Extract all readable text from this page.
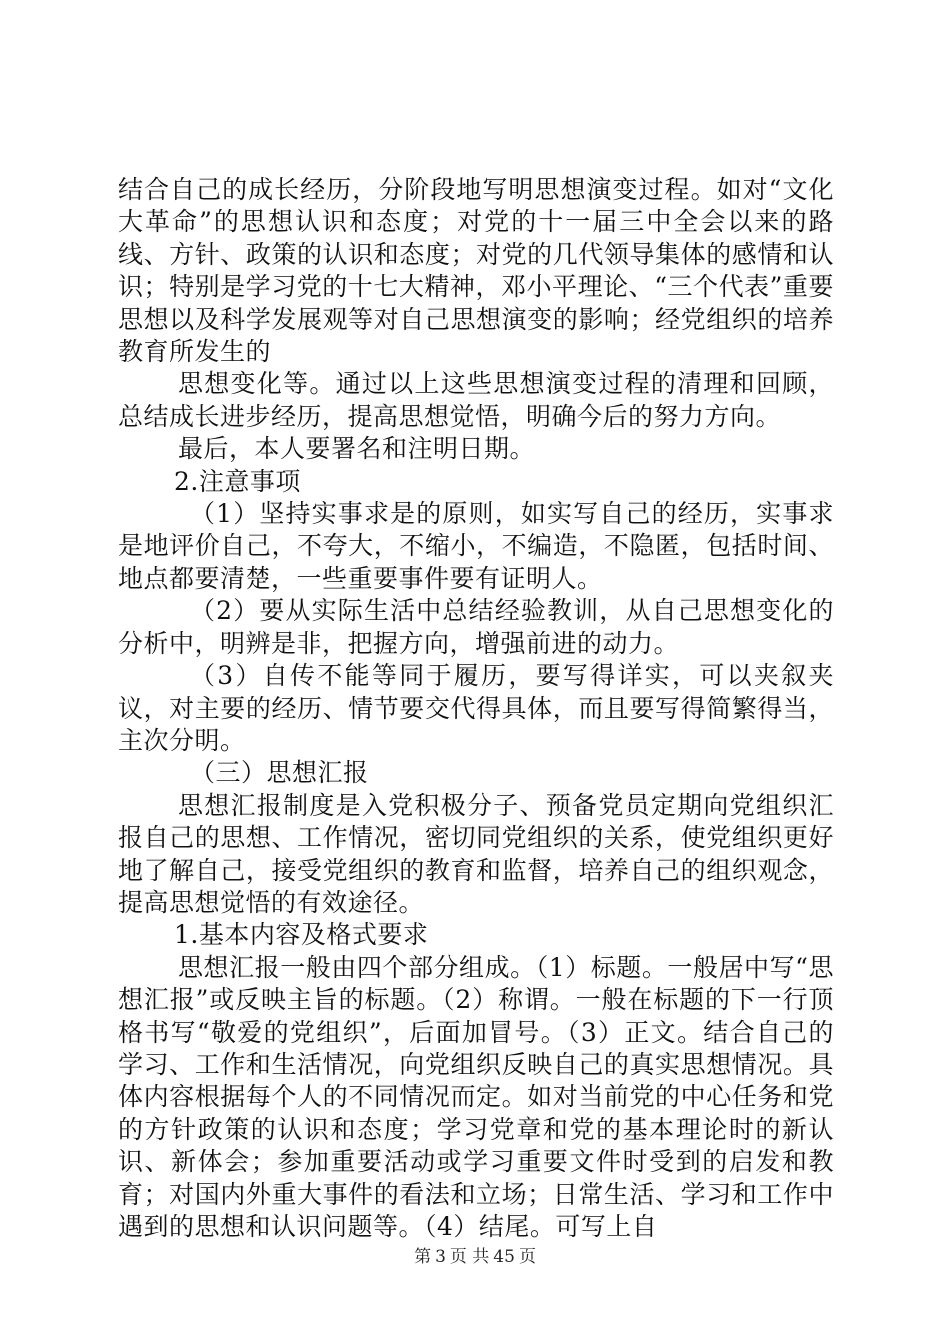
结合自己的成长经历，分阶段地写明思想演变过程。如对“文化大革命”的思想认识和态度；对党的十一届三中全会以来的路线、方针、政策的认识和态度；对党的几代领导集体的感情和认识；特别是学习党的十七大精神，邓小平理论、“三个代表”重要思想以及科学发展观等对自己思想演变的影响；经党组织的培养教育所发生的

思想变化等。通过以上这些思想演变过程的清理和回顾，总结成长进步经历，提高思想觉悟，明确今后的努力方向。

最后，本人要署名和注明日期。

2.注意事项

（1）坚持实事求是的原则，如实写自己的经历，实事求是地评价自己，不夸大，不缩小，不编造，不隐匿，包括时间、地点都要清楚，一些重要事件要有证明人。

（2）要从实际生活中总结经验教训，从自己思想变化的分析中，明辨是非，把握方向，增强前进的动力。

（3）自传不能等同于履历，要写得详实，可以夹叙夹议，对主要的经历、情节要交代得具体，而且要写得简繁得当，主次分明。

（三）思想汇报

思想汇报制度是入党积极分子、预备党员定期向党组织汇报自己的思想、工作情况，密切同党组织的关系，使党组织更好地了解自己，接受党组织的教育和监督，培养自己的组织观念，提高思想觉悟的有效途径。

1.基本内容及格式要求

思想汇报一般由四个部分组成。（1）标题。一般居中写“思想汇报”或反映主旨的标题。（2）称谓。一般在标题的下一行顶格书写“敬爱的党组织”，后面加冒号。（3）正文。结合自己的学习、工作和生活情况，向党组织反映自己的真实思想情况。具体内容根据每个人的不同情况而定。如对当前党的中心任务和党的方针政策的认识和态度；学习党章和党的基本理论时的新认识、新体会；参加重要活动或学习重要文件时受到的启发和教育；对国内外重大事件的看法和立场；日常生活、学习和工作中遇到的思想和认识问题等。（4）结尾。可写上自

第 3 页 共 45 页
